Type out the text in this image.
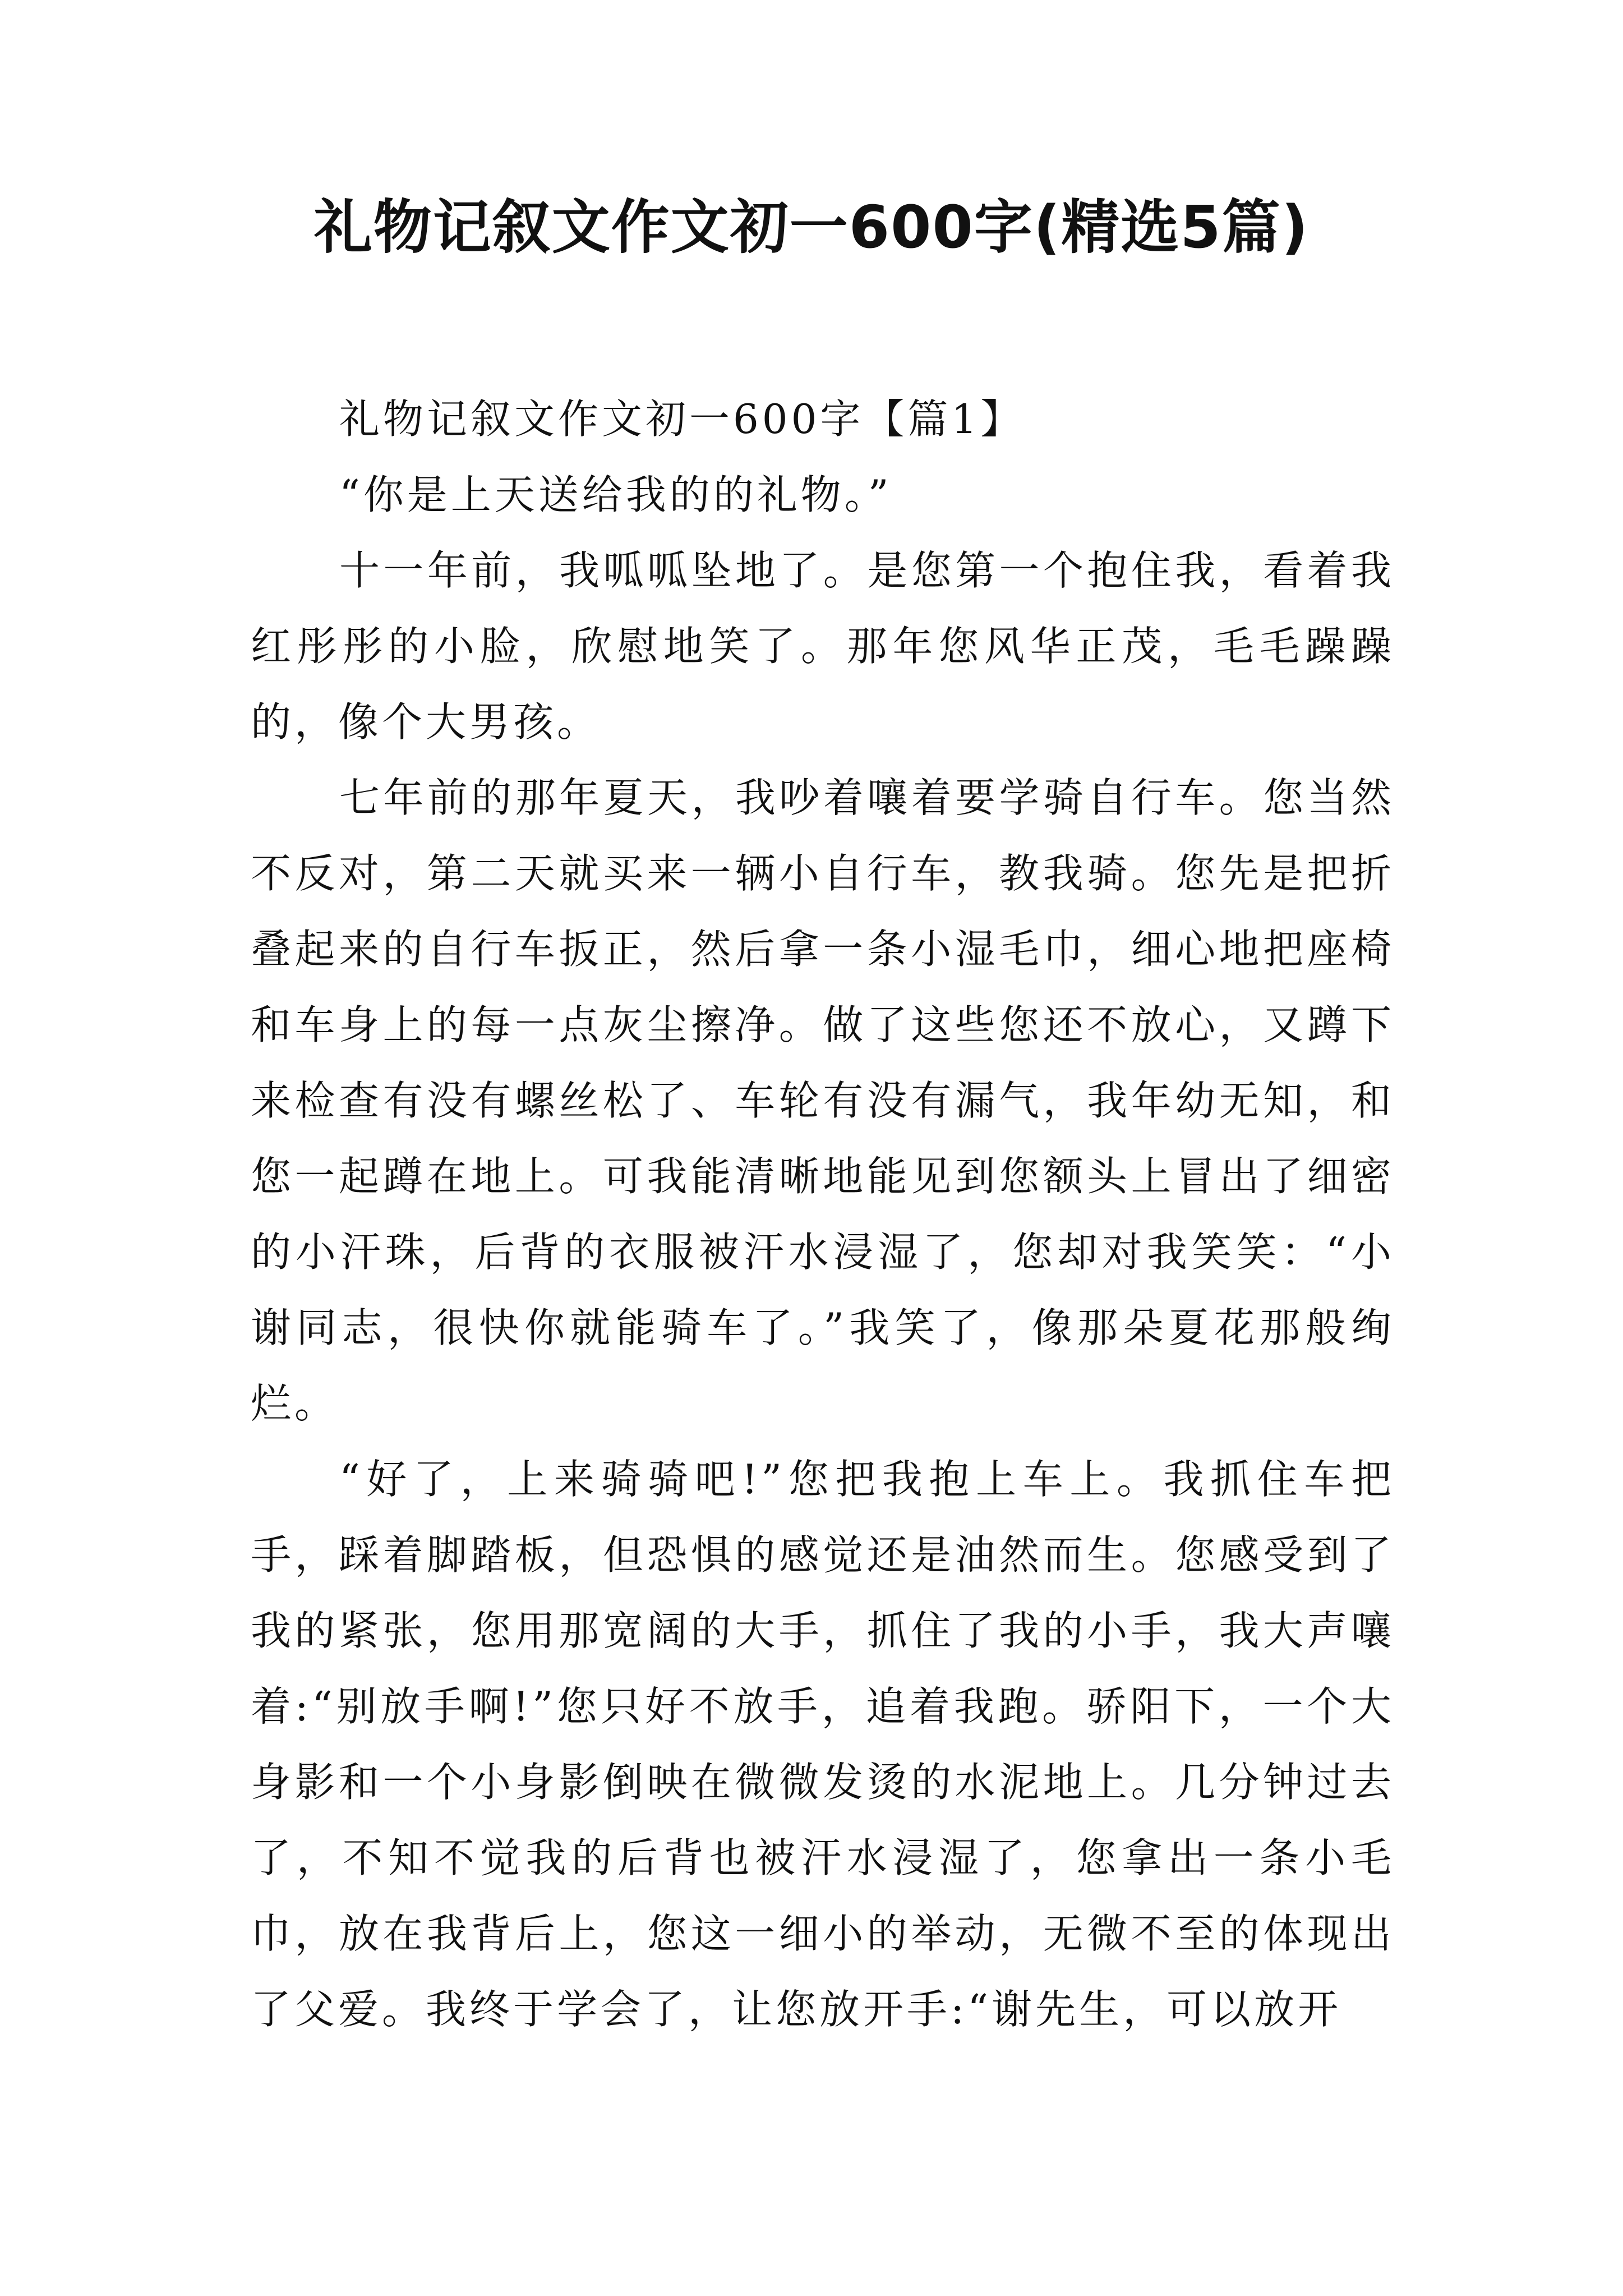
礼物记叙文作文初一600字(精选5篇)

礼物记叙文作文初一600字【篇1】

“你是上天送给我的的礼物。”

十一年前，我呱呱坠地了。是您第一个抱住我，看着我红彤彤的小脸，欣慰地笑了。那年您风华正茂，毛毛躁躁的，像个大男孩。

七年前的那年夏天，我吵着嚷着要学骑自行车。您当然不反对，第二天就买来一辆小自行车，教我骑。您先是把折叠起来的自行车扳正，然后拿一条小湿毛巾，细心地把座椅和车身上的每一点灰尘擦净。做了这些您还不放心，又蹲下来检查有没有螺丝松了、车轮有没有漏气，我年幼无知，和您一起蹲在地上。可我能清晰地能见到您额头上冒出了细密的小汗珠，后背的衣服被汗水浸湿了，您却对我笑笑：“小谢同志，很快你就能骑车了。”我笑了，像那朵夏花那般绚烂。

“好了，上来骑骑吧!”您把我抱上车上。我抓住车把手，踩着脚踏板，但恐惧的感觉还是油然而生。您感受到了我的紧张，您用那宽阔的大手，抓住了我的小手，我大声嚷着:“别放手啊!”您只好不放手，追着我跑。骄阳下，一个大身影和一个小身影倒映在微微发烫的水泥地上。几分钟过去了，不知不觉我的后背也被汗水浸湿了，您拿出一条小毛巾，放在我背后上，您这一细小的举动，无微不至的体现出了父爱。我终于学会了，让您放开手:“谢先生，可以放开
